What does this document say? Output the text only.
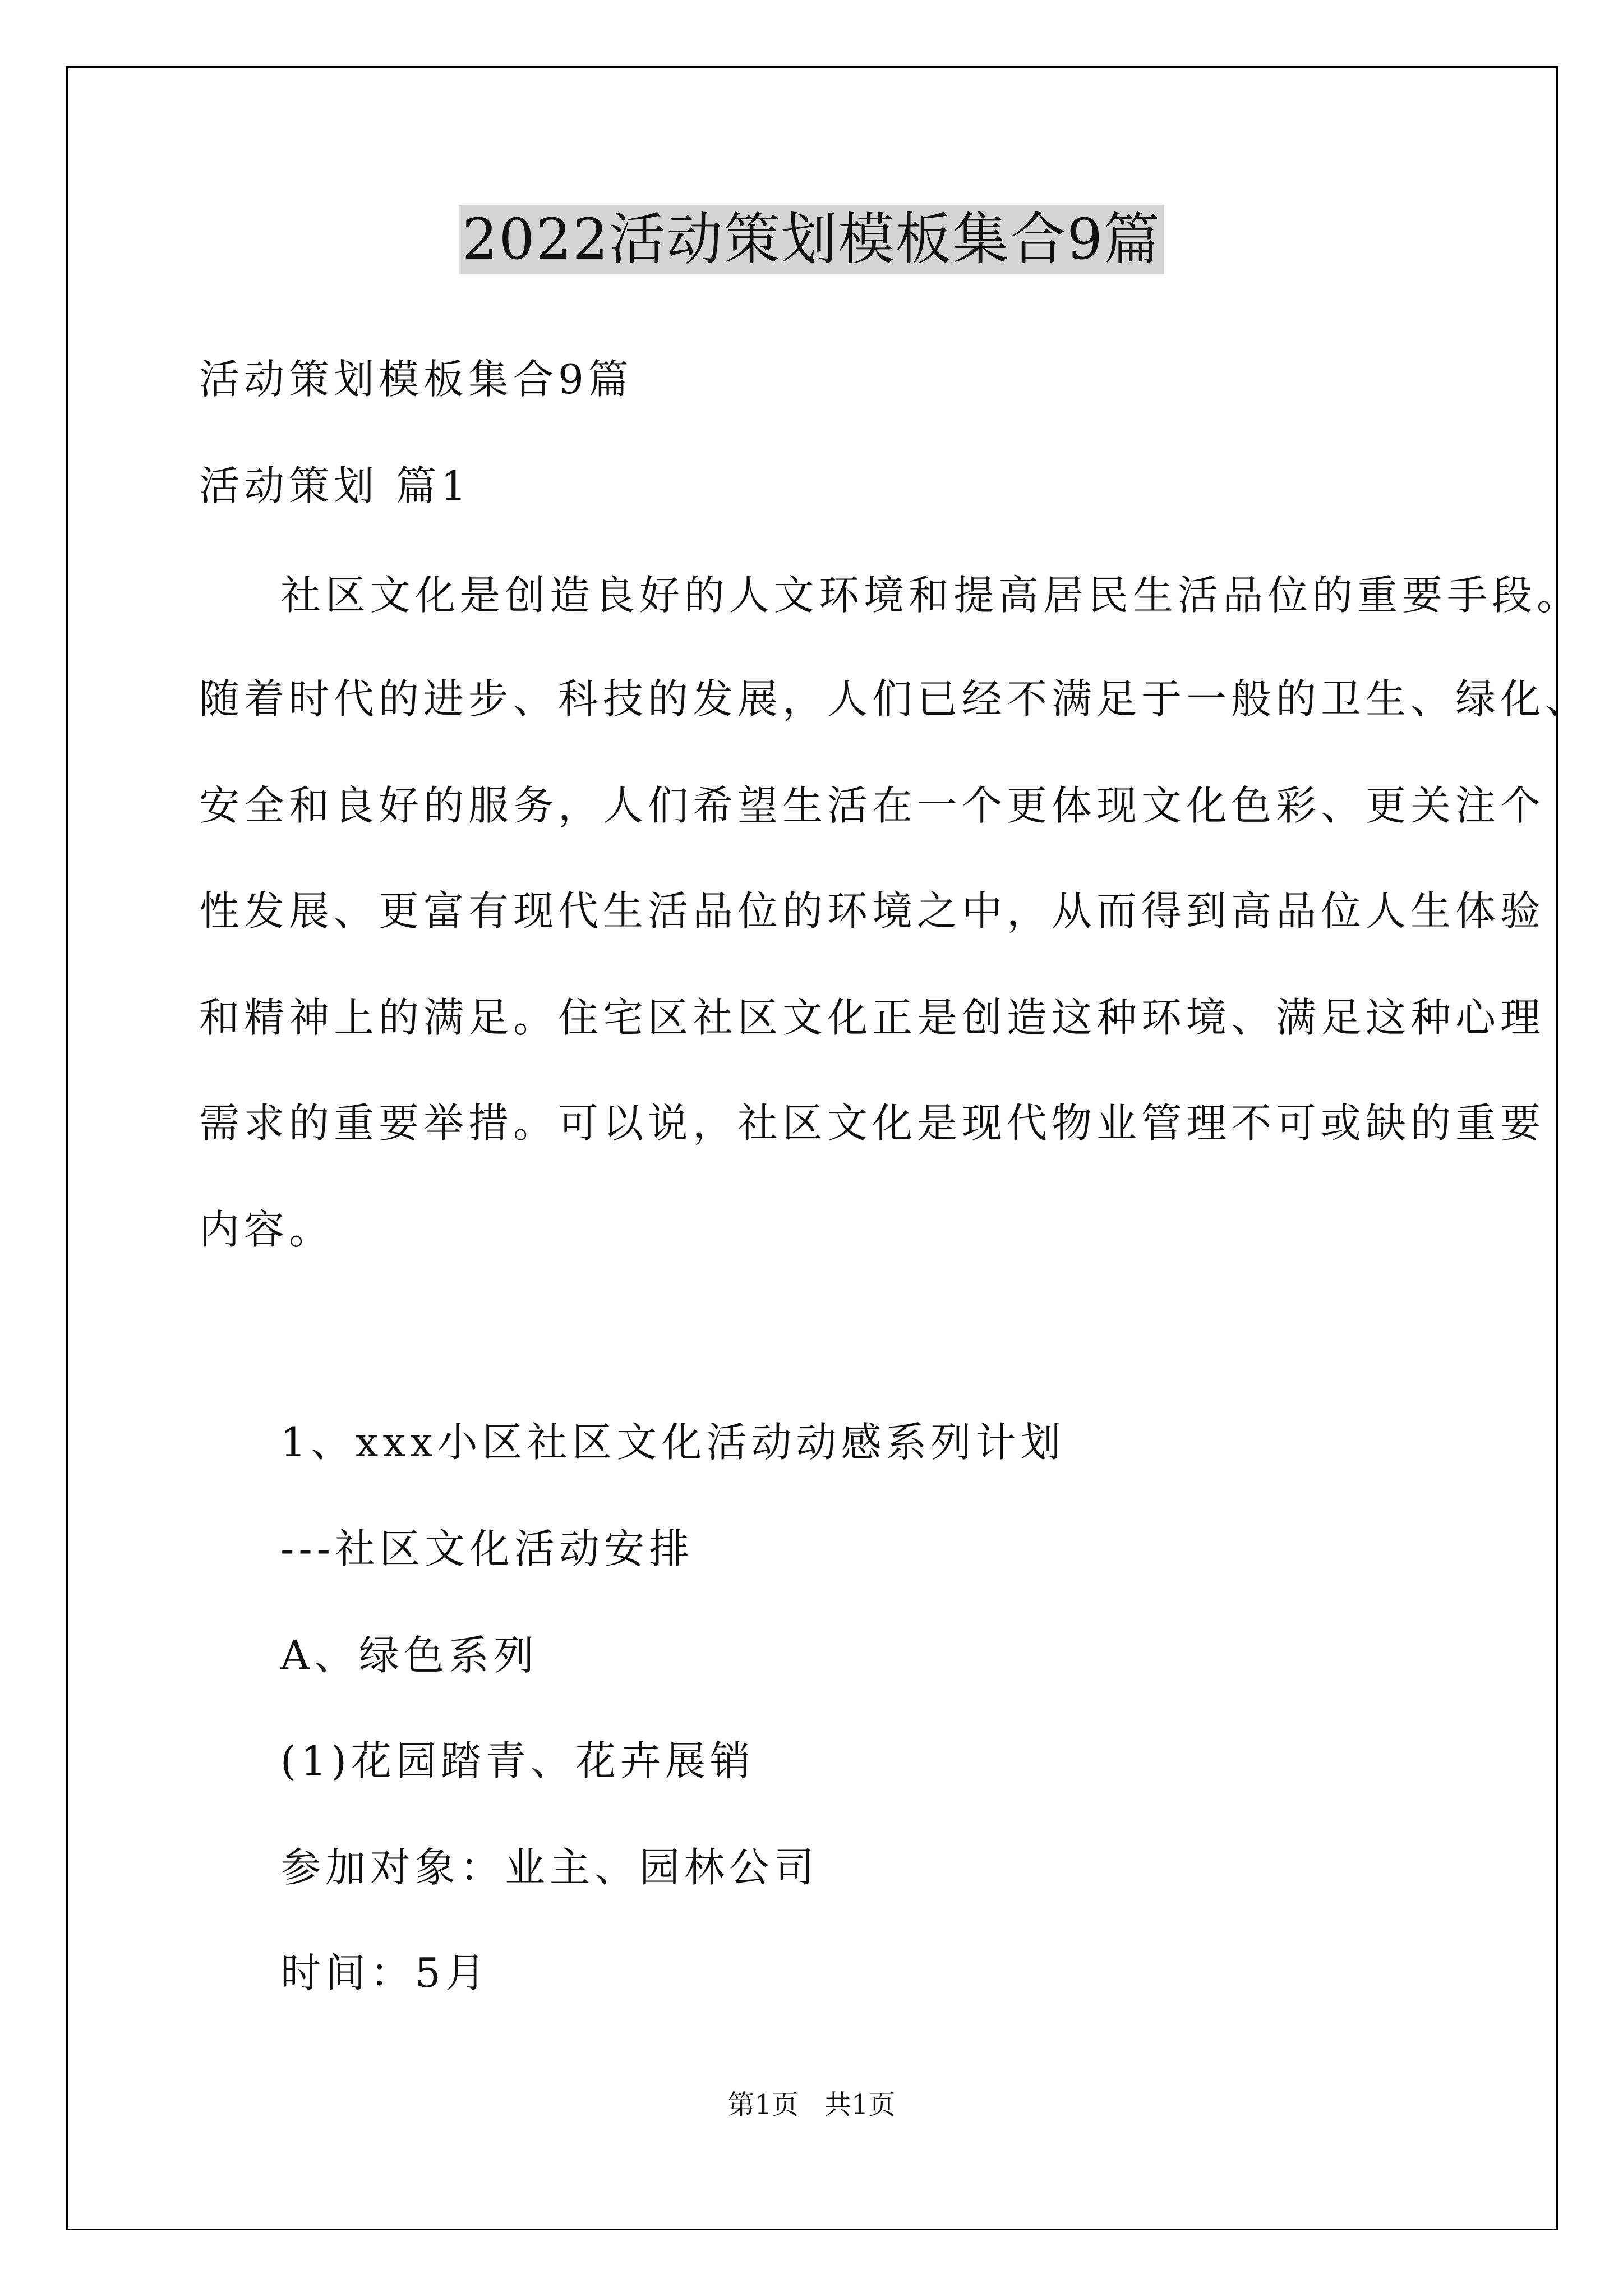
2022活动策划模板集合9篇
活动策划模板集合9篇
活动策划 篇1
社区文化是创造良好的人文环境和提高居民生活品位的重要手段。
随着时代的进步、科技的发展，人们已经不满足于一般的卫生、绿化、
安全和良好的服务，人们希望生活在一个更体现文化色彩、更关注个
性发展、更富有现代生活品位的环境之中，从而得到高品位人生体验
和精神上的满足。住宅区社区文化正是创造这种环境、满足这种心理
需求的重要举措。可以说，社区文化是现代物业管理不可或缺的重要
内容。
1、xxx小区社区文化活动动感系列计划
---社区文化活动安排
A、绿色系列
(1)花园踏青、花卉展销
参加对象：业主、园林公司
时间：5月
第1页   共1页
